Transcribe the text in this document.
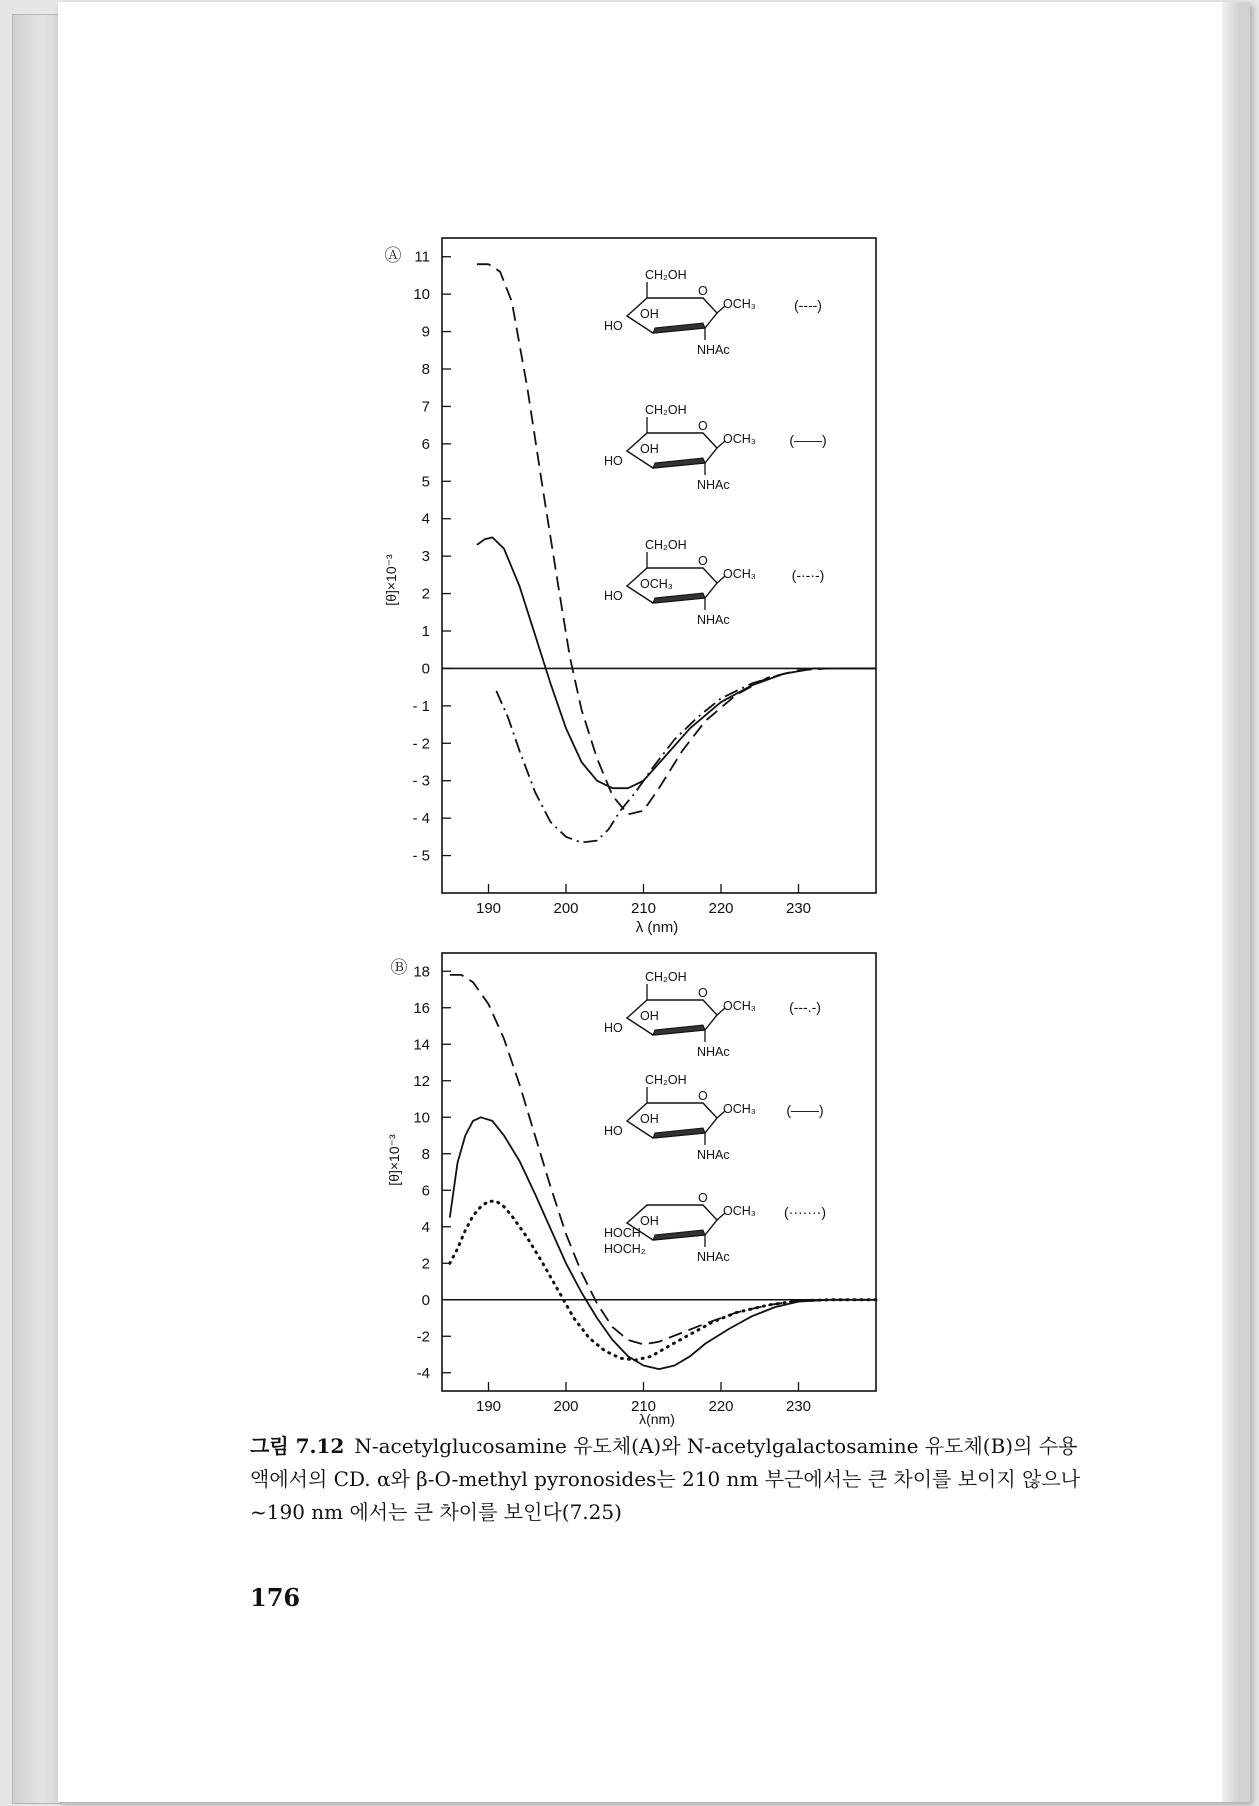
Ⓐ
[θ]×10⁻³
λ (nm)
11
10
9
8
7
6
5
4
3
2
1
0
- 1
- 2
- 3
- 4
- 5
190	200	210	220	230
CH₂OH
O
OH
HO
OCH₃
NHAc
(----)
CH₂OH
O
OH
HO
OCH₃
NHAc
(——)
CH₂OH
O
OCH₃
HO
OCH₃
NHAc
(-·-·-)
Ⓑ
[θ]×10⁻³
λ(nm)
18
16
14
12
10
8
6
4
2
0
-2
-4
190	200	210	220	230
CH₂OH
O
OH
HO
OCH₃
NHAc
(---.-)
CH₂OH
O
OH
HO
OCH₃
NHAc
(——)
O
OH
HOCH
HOCH₂
OCH₃
NHAc
(·······)
그림 7.12 N-acetylglucosamine 유도체(A)와 N-acetylgalactosamine 유도체(B)의 수용액에서의 CD. α와 β-O-methyl pyronosides는 210 nm 부근에서는 큰 차이를 보이지 않으나 ~190 nm 에서는 큰 차이를 보인다(7.25)
176
